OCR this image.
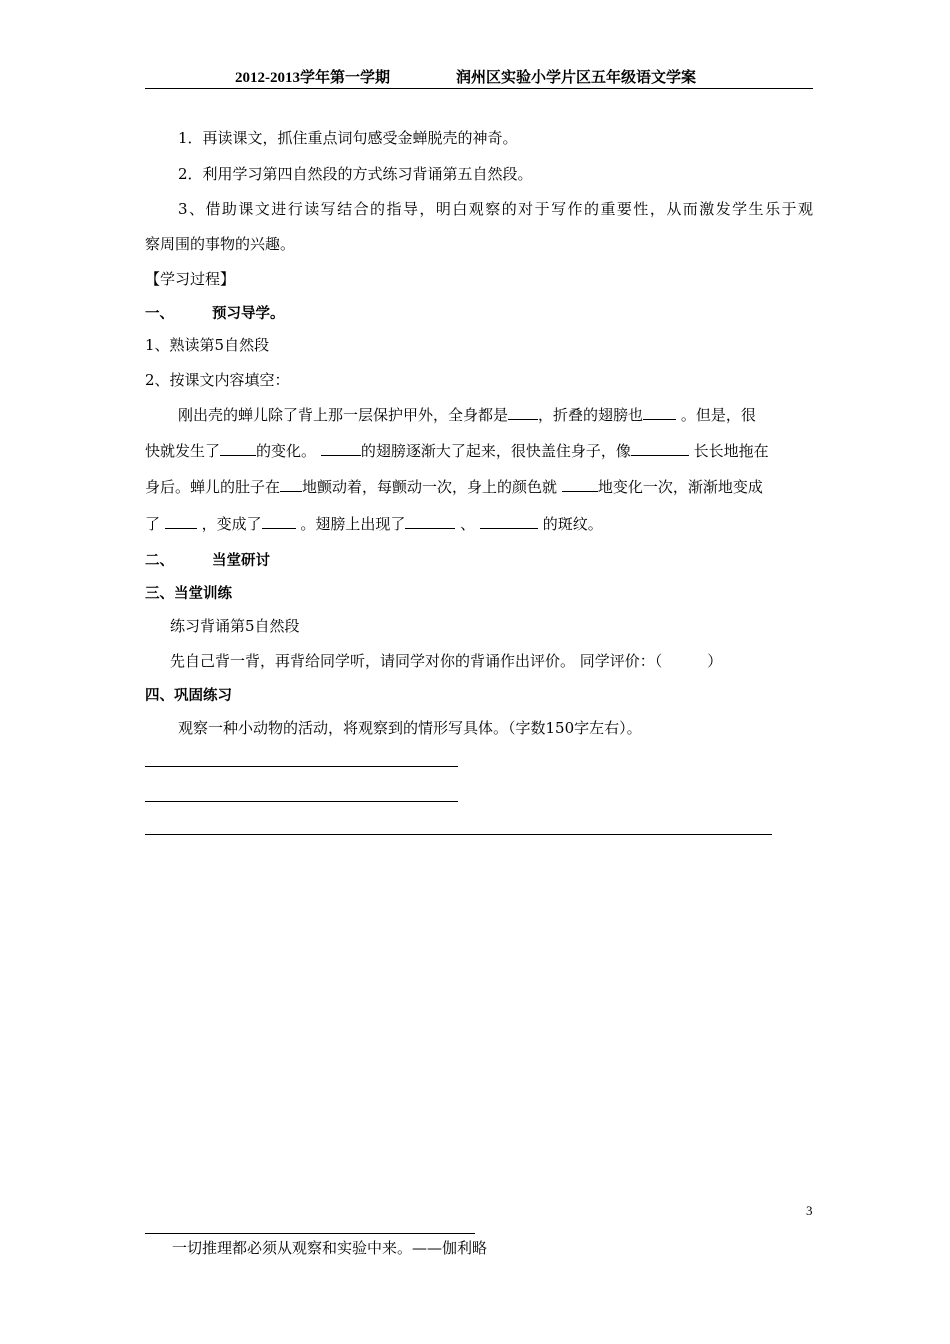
2012-2013学年第一学期	润州区实验小学片区五年级语文学案
1．再读课文，抓住重点词句感受金蝉脱壳的神奇。
2．利用学习第四自然段的方式练习背诵第五自然段。
3、借助课文进行读写结合的指导，明白观察的对于写作的重要性，从而激发学生乐于观
察周围的事物的兴趣。
【学习过程】
一、	预习导学。
1、熟读第5自然段
2、按课文内容填空：
刚出壳的蝉儿除了背上那一层保护甲外，全身都是 ，折叠的翅膀也	。但是，很
快就发生了 的变化。	的翅膀逐渐大了起来，很快盖住身子，像	长长地拖在
身后。蝉儿的肚子在 地颤动着，每颤动一次，身上的颜色就	地变化一次，渐渐地变成
了	，变成了	。翅膀上出现了	、	的斑纹。
二、	当堂研讨
三、当堂训练
练习背诵第5自然段
先自己背一背，再背给同学听，请同学对你的背诵作出评价。 同学评价：（　　　）
四、巩固练习
观察一种小动物的活动，将观察到的情形写具体。（字数150字左右）。
3
一切推理都必须从观察和实验中来。——伽利略
